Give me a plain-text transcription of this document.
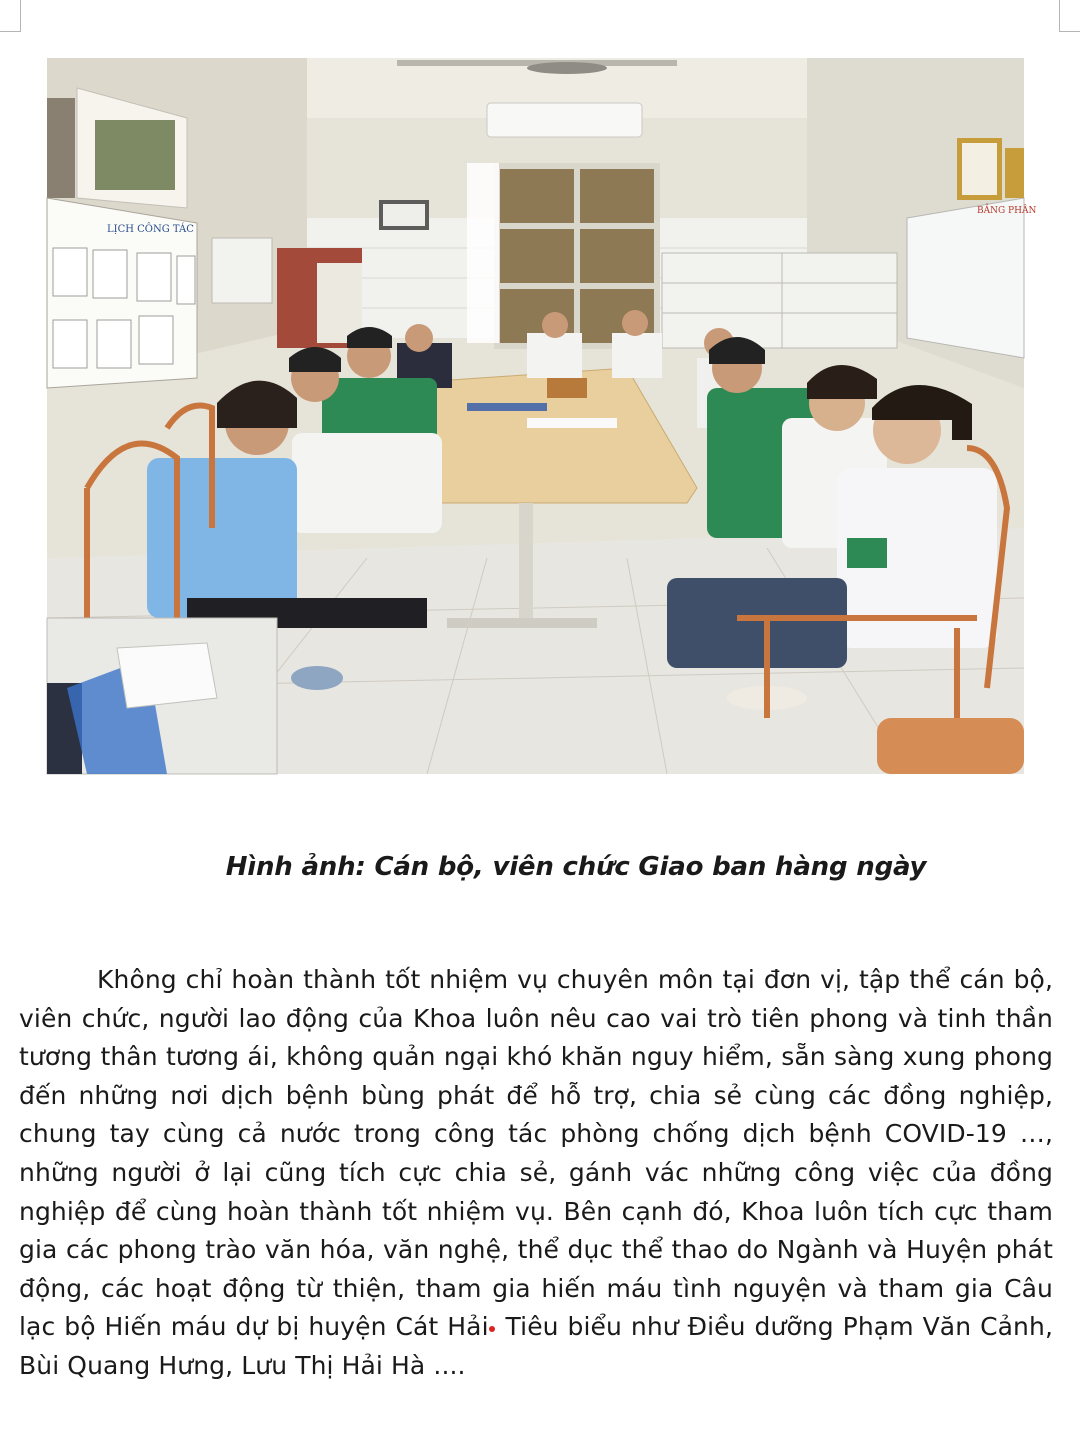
LỊCH CÔNG TÁC
BẢNG PHÂN
Hình ảnh: Cán bộ, viên chức Giao ban hàng ngày
Không chỉ hoàn thành tốt nhiệm vụ chuyên môn tại đơn vị, tập thể cán bộ, viên chức, người lao động của Khoa luôn nêu cao vai trò tiên phong và tinh thần tương thân tương ái, không quản ngại khó khăn nguy hiểm, sẵn sàng xung phong đến những nơi dịch bệnh bùng phát để hỗ trợ, chia sẻ cùng các đồng nghiệp, chung tay cùng cả nước trong công tác phòng chống dịch bệnh COVID-19 …, những người ở lại cũng tích cực chia sẻ, gánh vác những công việc của đồng nghiệp để cùng hoàn thành tốt nhiệm vụ. Bên cạnh đó, Khoa luôn tích cực tham gia các phong trào văn hóa, văn nghệ, thể dục thể thao do Ngành và Huyện phát động, các hoạt động từ thiện, tham gia hiến máu tình nguyện và tham gia Câu lạc bộ Hiến máu dự bị huyện Cát Hải Tiêu biểu như Điều dưỡng Phạm Văn Cảnh, Bùi Quang Hưng, Lưu Thị Hải Hà ....
